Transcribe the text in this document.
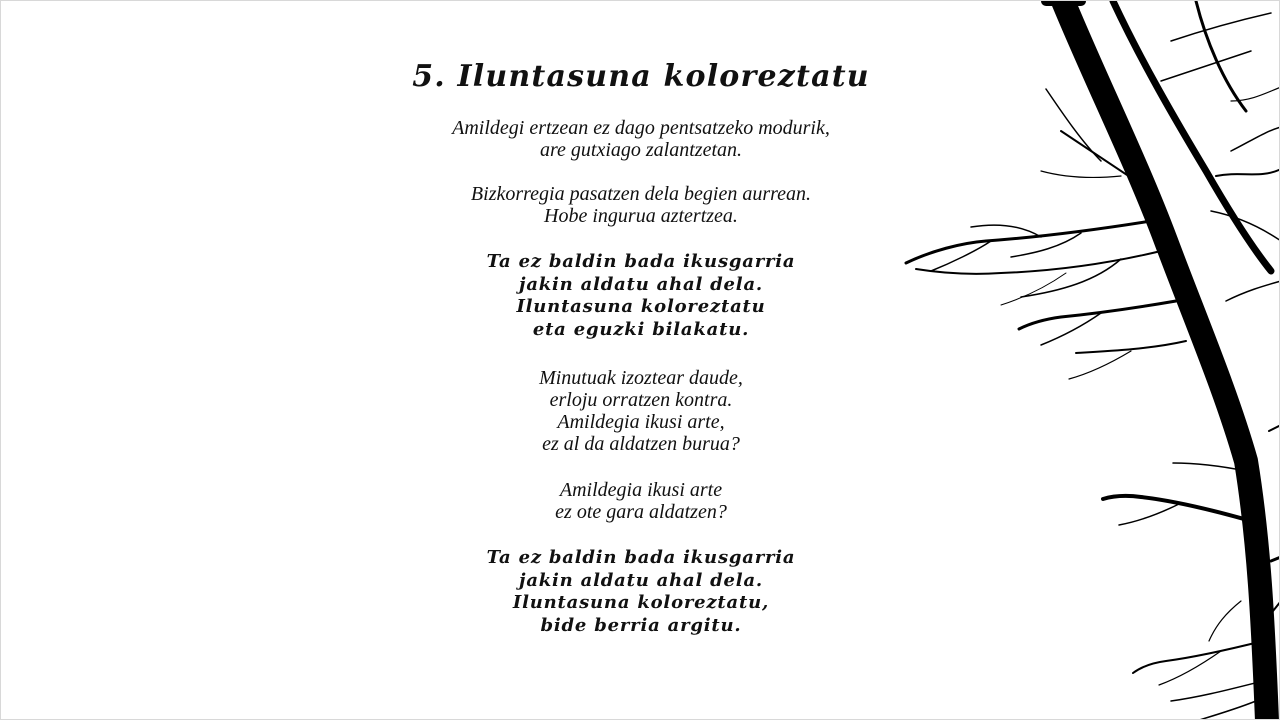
5. Iluntasuna koloreztatu

Amildegi ertzean ez dago pentsatzeko modurik,
are gutxiago zalantzetan.

Bizkorregia pasatzen dela begien aurrean.
Hobe ingurua aztertzea.

Ta ez baldin bada ikusgarria
jakin aldatu ahal dela.
Iluntasuna koloreztatu
eta eguzki bilakatu.

Minutuak izoztear daude,
erloju orratzen kontra.
Amildegia ikusi arte,
ez al da aldatzen burua?

Amildegia ikusi arte
ez ote gara aldatzen?

Ta ez baldin bada ikusgarria
jakin aldatu ahal dela.
Iluntasuna koloreztatu,
bide berria argitu.
